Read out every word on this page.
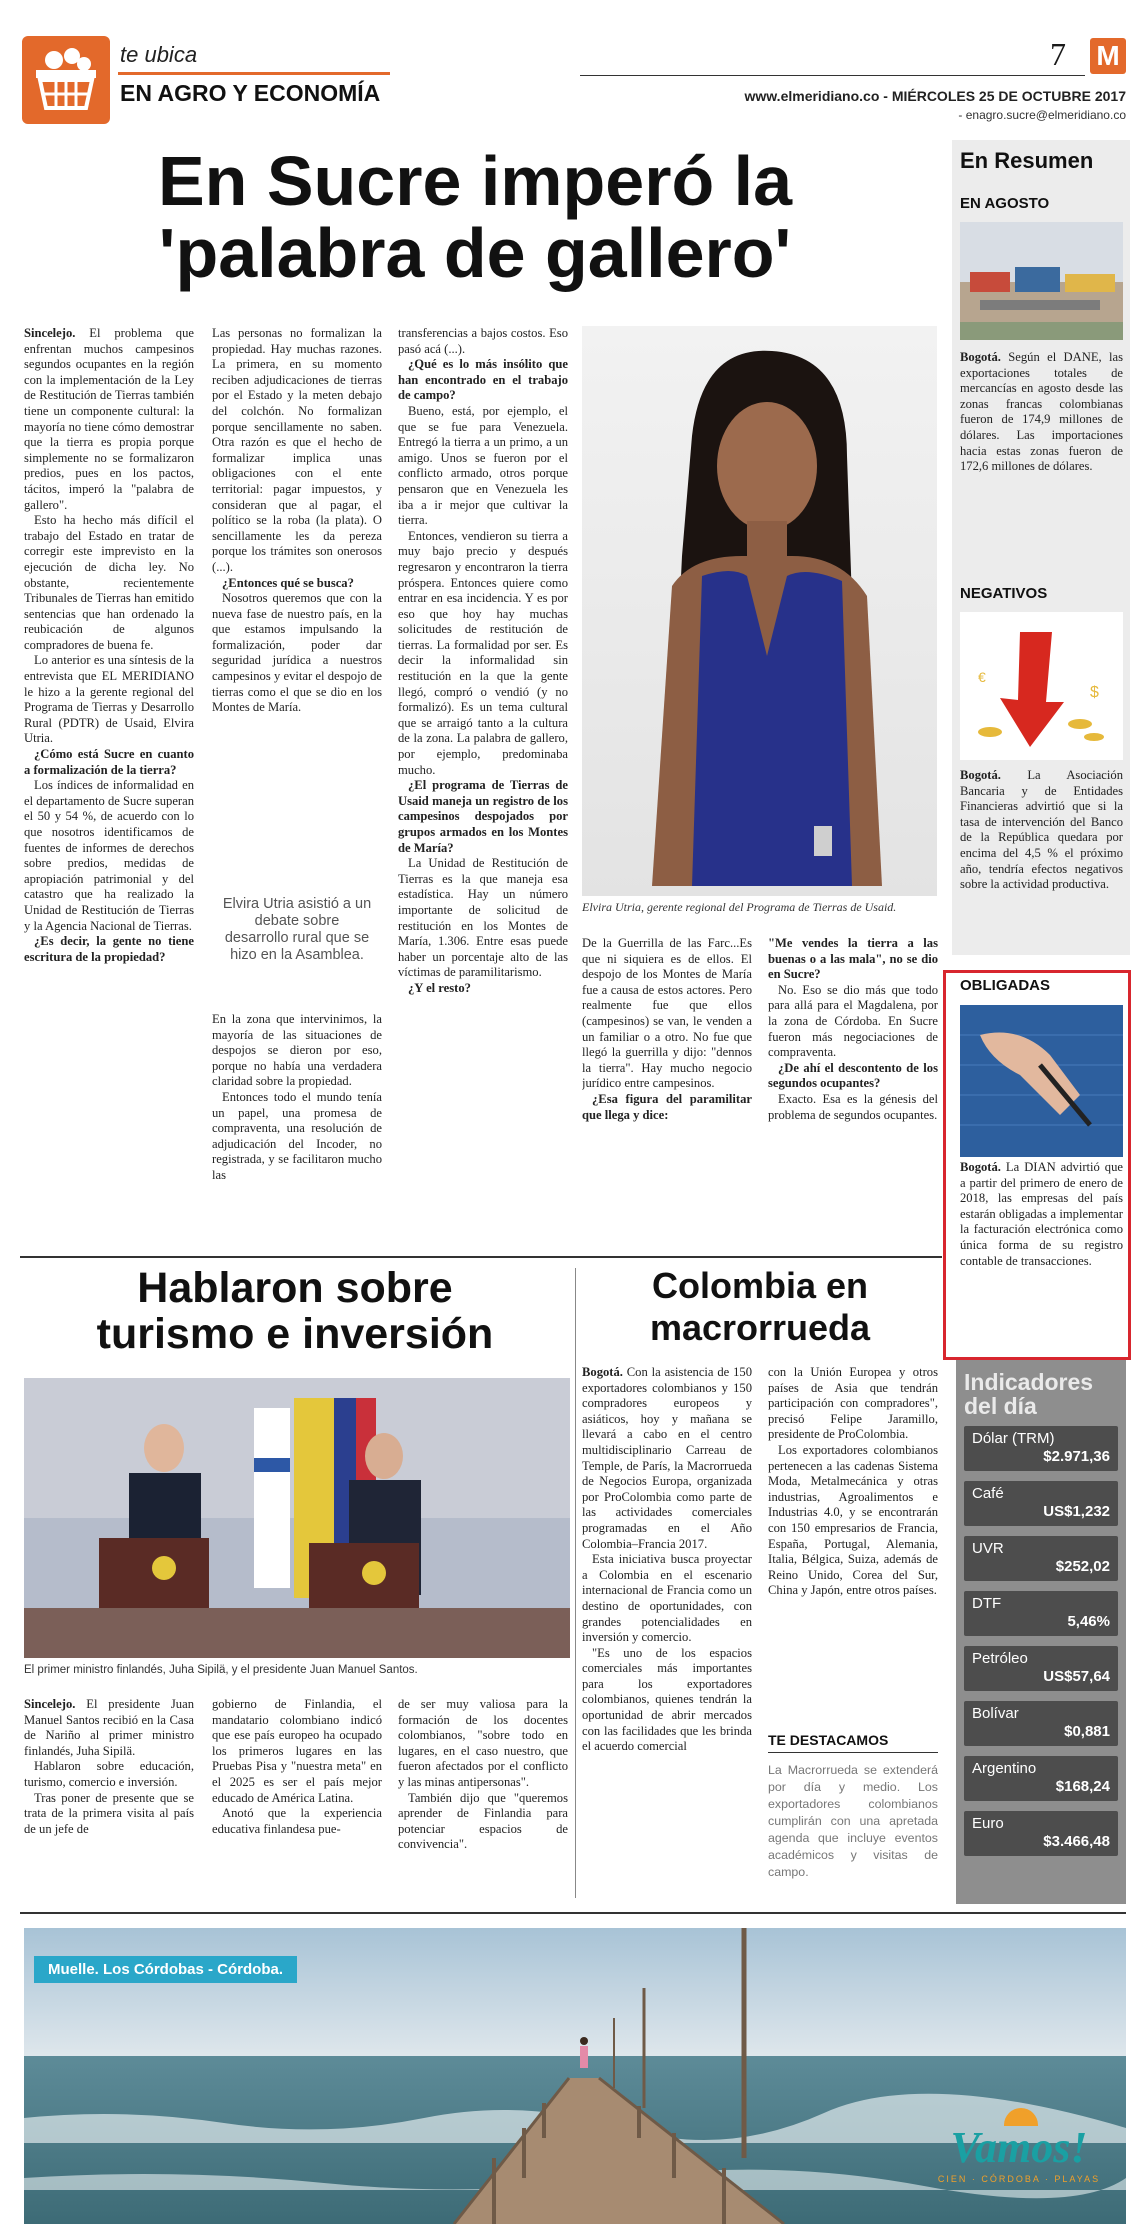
te ubica
EN AGRO Y ECONOMÍA
7 M
www.elmeridiano.co - MIÉRCOLES 25 DE OCTUBRE 2017
- enagro.sucre@elmeridiano.co
En Sucre imperó la
'palabra de gallero'

Sincelejo. El problema que enfrentan muchos campesinos segundos ocupantes en la región con la implementación de la Ley de Restitución de Tierras también tiene un componente cultural: la mayoría no tiene cómo demostrar que la tierra es propia porque simplemente no se formalizaron predios, pues en los pactos, tácitos, imperó la "palabra de gallero".

Esto ha hecho más difícil el trabajo del Estado en tratar de corregir este imprevisto en la ejecución de dicha ley. No obstante, recientemente Tribunales de Tierras han emitido sentencias que han ordenado la reubicación de algunos compradores de buena fe.

Lo anterior es una síntesis de la entrevista que EL MERIDIANO le hizo a la gerente regional del Programa de Tierras y Desarrollo Rural (PDTR) de Usaid, Elvira Utria.

¿Cómo está Sucre en cuanto a formalización de la tierra?

Los índices de informalidad en el departamento de Sucre superan el 50 y 54 %, de acuerdo con lo que nosotros identificamos de fuentes de informes de derechos sobre predios, medidas de apropiación patrimonial y del catastro que ha realizado la Unidad de Restitución de Tierras y la Agencia Nacional de Tierras.

¿Es decir, la gente no tiene escritura de la propiedad?

Las personas no formalizan la propiedad. Hay muchas razones. La primera, en su momento reciben adjudicaciones de tierras por el Estado y la meten debajo del colchón. No formalizan porque sencillamente no saben. Otra razón es que el hecho de formalizar implica unas obligaciones con el ente territorial: pagar impuestos, y consideran que al pagar, el político se la roba (la plata). O sencillamente les da pereza porque los trámites son onerosos (...).

¿Entonces qué se busca?

Nosotros queremos que con la nueva fase de nuestro país, en la que estamos impulsando la formalización, poder dar seguridad jurídica a nuestros campesinos y evitar el despojo de tierras como el que se dio en los Montes de María.

Elvira Utria asistió a un debate sobre desarrollo rural que se hizo en la Asamblea.

En la zona que intervinimos, la mayoría de las situaciones de despojos se dieron por eso, porque no había una verdadera claridad sobre la propiedad.

Entonces todo el mundo tenía un papel, una promesa de compraventa, una resolución de adjudicación del Incoder, no registrada, y se facilitaron mucho las

transferencias a bajos costos. Eso pasó acá (...).

¿Qué es lo más insólito que han encontrado en el trabajo de campo?

Bueno, está, por ejemplo, el que se fue para Venezuela. Entregó la tierra a un primo, a un amigo. Unos se fueron por el conflicto armado, otros porque pensaron que en Venezuela les iba a ir mejor que cultivar la tierra.

Entonces, vendieron su tierra a muy bajo precio y después regresaron y encontraron la tierra próspera. Entonces quiere como entrar en esa incidencia. Y es por eso que hoy hay muchas solicitudes de restitución de tierras. La formalidad por ser. Es decir la informalidad sin restitución en la que la gente llegó, compró o vendió (y no formalizó). Es un tema cultural que se arraigó tanto a la cultura de la zona. La palabra de gallero, por ejemplo, predominaba mucho.

¿El programa de Tierras de Usaid maneja un registro de los campesinos despojados por grupos armados en los Montes de María?

La Unidad de Restitución de Tierras es la que maneja esa estadística. Hay un número importante de solicitud de restitución en los Montes de María, 1.306. Entre esas puede haber un porcentaje alto de las víctimas de paramilitarismo.

¿Y el resto?

Elvira Utria, gerente regional del Programa de Tierras de Usaid.

De la Guerrilla de las Farc...Es que ni siquiera es de ellos. El despojo de los Montes de María fue a causa de estos actores. Pero realmente fue que ellos (campesinos) se van, le venden a un familiar o a otro. No fue que llegó la guerrilla y dijo: "dennos la tierra". Hay mucho negocio jurídico entre campesinos.

¿Esa figura del paramilitar que llega y dice:

"Me vendes la tierra a las buenas o a las mala", no se dio en Sucre?

No. Eso se dio más que todo para allá para el Magdalena, por la zona de Córdoba. En Sucre fueron más negociaciones de compraventa.

¿De ahí el descontento de los segundos ocupantes?

Exacto. Esa es la génesis del problema de segundos ocupantes.

En Resumen
EN AGOSTO
Bogotá. Según el DANE, las exportaciones totales de mercancías en agosto desde las zonas francas colombianas fueron de 174,9 millones de dólares. Las importaciones hacia estas zonas fueron de 172,6 millones de dólares.
NEGATIVOS
$
€
Bogotá. La Asociación Bancaria y de Entidades Financieras advirtió que si la tasa de intervención del Banco de la República quedara por encima del 4,5 % el próximo año, tendría efectos negativos sobre la actividad productiva.
OBLIGADAS
Bogotá. La DIAN advirtió que a partir del primero de enero de 2018, las empresas del país estarán obligadas a implementar la facturación electrónica como única forma de su registro contable de transacciones.
Hablaron sobre
turismo e inversión
El primer ministro finlandés, Juha Sipilä, y el presidente Juan Manuel Santos.

Sincelejo. El presidente Juan Manuel Santos recibió en la Casa de Nariño al primer ministro finlandés, Juha Sipilä.

Hablaron sobre educación, turismo, comercio e inversión.

Tras poner de presente que se trata de la primera visita al país de un jefe de

gobierno de Finlandia, el mandatario colombiano indicó que ese país europeo ha ocupado los primeros lugares en las Pruebas Pisa y "nuestra meta" en el 2025 es ser el país mejor educado de América Latina.

Anotó que la experiencia educativa finlandesa pue-

de ser muy valiosa para la formación de los docentes colombianos, "sobre todo en lugares, en el caso nuestro, que fueron afectados por el conflicto y las minas antipersonas".

También dijo que "queremos aprender de Finlandia para potenciar espacios de convivencia".

Colombia en
macrorrueda

Bogotá. Con la asistencia de 150 exportadores colombianos y 150 compradores europeos y asiáticos, hoy y mañana se llevará a cabo en el centro multidisciplinario Carreau de Temple, de París, la Macrorrueda de Negocios Europa, organizada por ProColombia como parte de las actividades comerciales programadas en el Año Colombia–Francia 2017.

Esta iniciativa busca proyectar a Colombia en el escenario internacional de Francia como un destino de oportunidades, con grandes potencialidades en inversión y comercio.

"Es uno de los espacios comerciales más importantes para los exportadores colombianos, quienes tendrán la oportunidad de abrir mercados con las facilidades que les brinda el acuerdo comercial

con la Unión Europea y otros países de Asia que tendrán participación con compradores", precisó Felipe Jaramillo, presidente de ProColombia.

Los exportadores colombianos pertenecen a las cadenas Sistema Moda, Metalmecánica y otras industrias, Agroalimentos e Industrias 4.0, y se encontrarán con 150 empresarios de Francia, España, Portugal, Alemania, Italia, Bélgica, Suiza, además de Reino Unido, Corea del Sur, China y Japón, entre otros países.

TE DESTACAMOS
La Macrorrueda se extenderá por día y medio. Los exportadores colombianos cumplirán con una apretada agenda que incluye eventos académicos y visitas de campo.
Indicadores
del día
Dólar (TRM)
$2.971,36
Café
US$1,232
UVR
$252,02
DTF
5,46%
Petróleo
US$57,64
Bolívar
$0,881
Argentino
$168,24
Euro
$3.466,48
Muelle. Los Córdobas - Córdoba.
Vamos!
CIEN · CÓRDOBA · PLAYAS
